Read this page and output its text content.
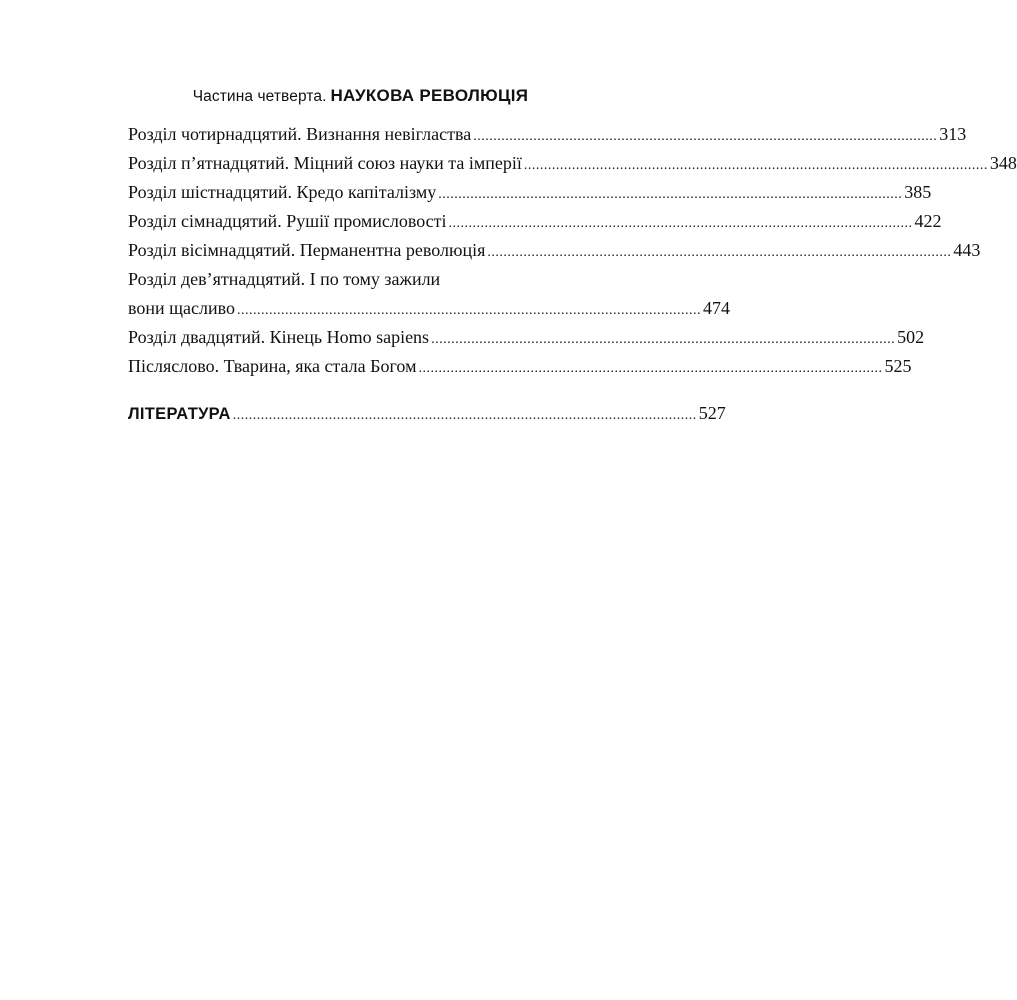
Частина четверта. НАУКОВА РЕВОЛЮЦІЯ
Розділ чотирнадцятий. Визнання невігластва .................................................................................................................... 313
Розділ п’ятнадцятий. Міцний союз науки та імперії .................................................................................................................... 348
Розділ шістнадцятий. Кредо капіталізму .................................................................................................................... 385
Розділ сімнадцятий. Рушії промисловості .................................................................................................................... 422
Розділ вісімнадцятий. Перманентна революція .................................................................................................................... 443
Розділ дев’ятнадцятий. І по тому зажили
вони щасливо .................................................................................................................... 474
Розділ двадцятий. Кінець Homo sapiens .................................................................................................................... 502
Післяслово. Тварина, яка стала Богом .................................................................................................................... 525
ЛІТЕРАТУРА .................................................................................................................... 527
